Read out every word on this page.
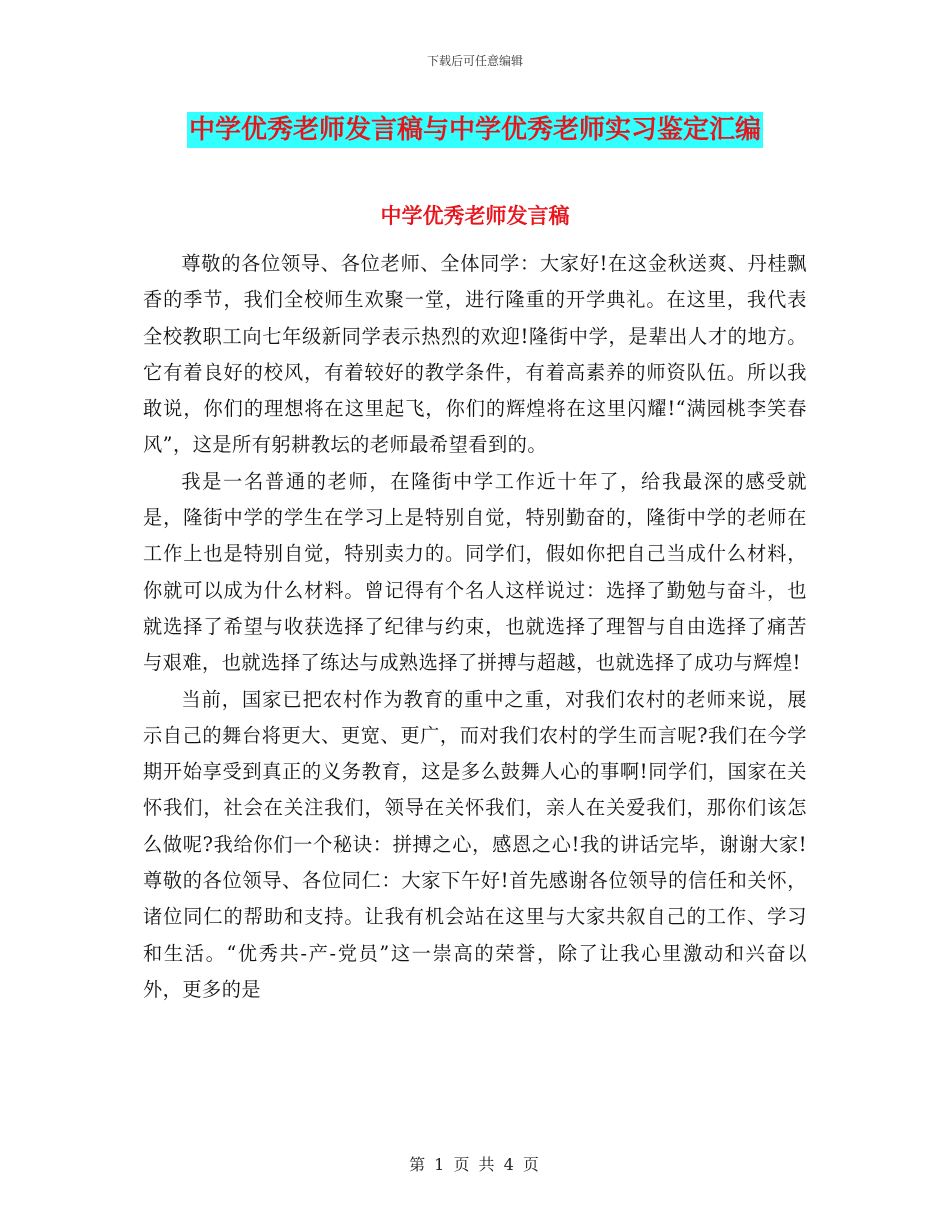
下载后可任意编辑
中学优秀老师发言稿与中学优秀老师实习鉴定汇编
中学优秀老师发言稿

尊敬的各位领导、各位老师、全体同学：大家好!在这金秋送爽、丹桂飘香的季节，我们全校师生欢聚一堂，进行隆重的开学典礼。在这里，我代表全校教职工向七年级新同学表示热烈的欢迎!隆街中学，是辈出人才的地方。它有着良好的校风，有着较好的教学条件，有着高素养的师资队伍。所以我敢说，你们的理想将在这里起飞，你们的辉煌将在这里闪耀!“满园桃李笑春风”，这是所有躬耕教坛的老师最希望看到的。

我是一名普通的老师，在隆街中学工作近十年了，给我最深的感受就是，隆街中学的学生在学习上是特别自觉，特别勤奋的，隆街中学的老师在工作上也是特别自觉，特别卖力的。同学们，假如你把自己当成什么材料，你就可以成为什么材料。曾记得有个名人这样说过：选择了勤勉与奋斗，也就选择了希望与收获选择了纪律与约束，也就选择了理智与自由选择了痛苦与艰难，也就选择了练达与成熟选择了拼搏与超越，也就选择了成功与辉煌!

当前，国家已把农村作为教育的重中之重，对我们农村的老师来说，展示自己的舞台将更大、更宽、更广，而对我们农村的学生而言呢?我们在今学期开始享受到真正的义务教育，这是多么鼓舞人心的事啊!同学们，国家在关怀我们，社会在关注我们，领导在关怀我们，亲人在关爱我们，那你们该怎么做呢?我给你们一个秘诀：拼搏之心，感恩之心!我的讲话完毕，谢谢大家!尊敬的各位领导、各位同仁：大家下午好!首先感谢各位领导的信任和关怀，诸位同仁的帮助和支持。让我有机会站在这里与大家共叙自己的工作、学习和生活。“优秀共-产-党员”这一崇高的荣誉，除了让我心里激动和兴奋以外，更多的是

第 1 页 共 4 页
